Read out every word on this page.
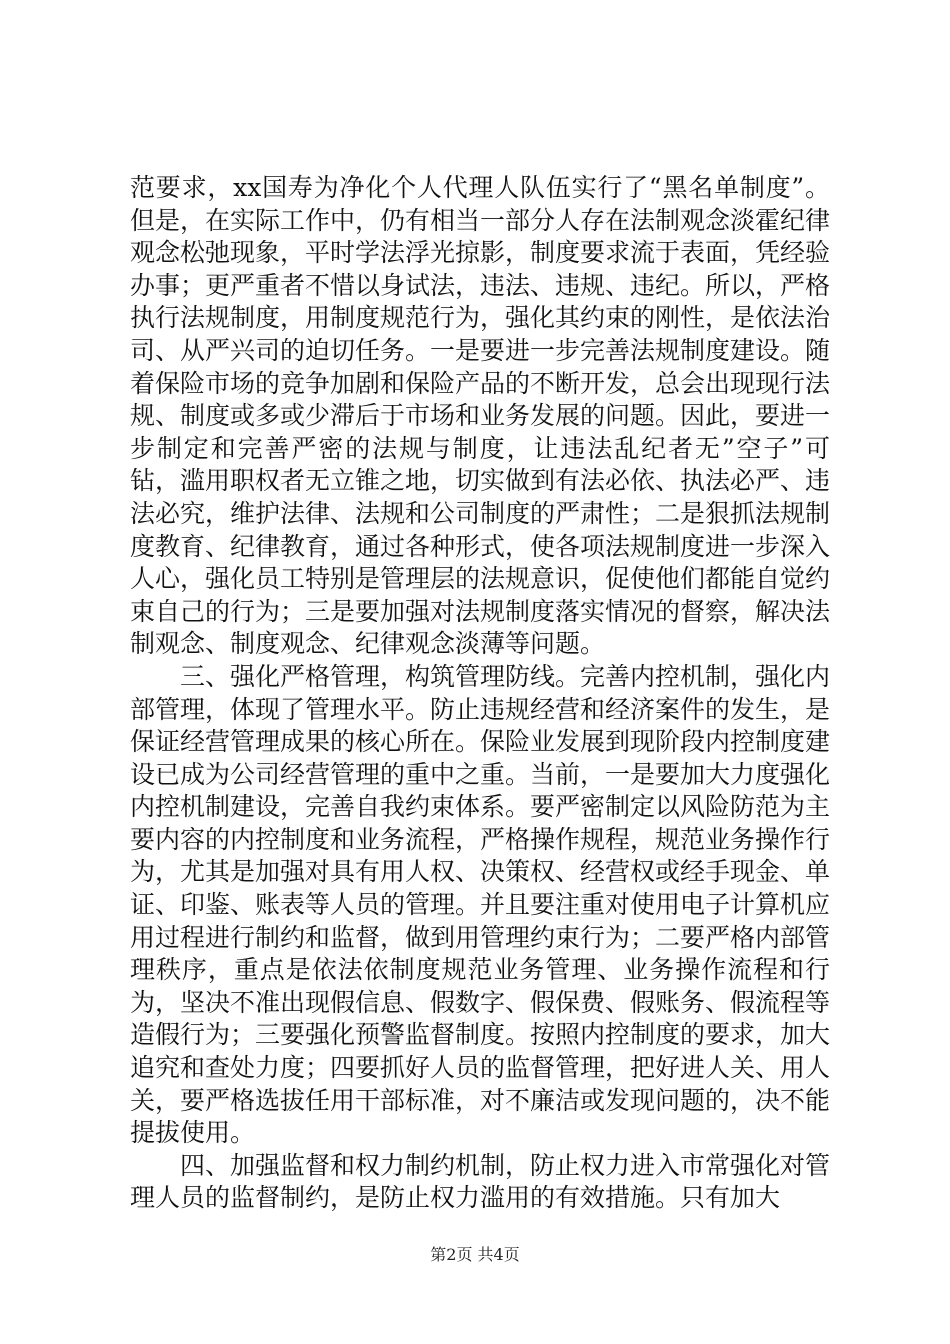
范要求，xx国寿为净化个人代理人队伍实行了“黑名单制度”。但是，在实际工作中，仍有相当一部分人存在法制观念淡霍纪律观念松弛现象，平时学法浮光掠影，制度要求流于表面，凭经验办事；更严重者不惜以身试法，违法、违规、违纪。所以，严格执行法规制度，用制度规范行为，强化其约束的刚性，是依法治司、从严兴司的迫切任务。一是要进一步完善法规制度建设。随着保险市场的竞争加剧和保险产品的不断开发，总会出现现行法规、制度或多或少滞后于市场和业务发展的问题。因此，要进一步制定和完善严密的法规与制度，让违法乱纪者无”空子”可钻，滥用职权者无立锥之地，切实做到有法必依、执法必严、违法必究，维护法律、法规和公司制度的严肃性；二是狠抓法规制度教育、纪律教育，通过各种形式，使各项法规制度进一步深入人心，强化员工特别是管理层的法规意识，促使他们都能自觉约束自己的行为；三是要加强对法规制度落实情况的督察，解决法制观念、制度观念、纪律观念淡薄等问题。

三、强化严格管理，构筑管理防线。完善内控机制，强化内部管理，体现了管理水平。防止违规经营和经济案件的发生，是保证经营管理成果的核心所在。保险业发展到现阶段内控制度建设已成为公司经营管理的重中之重。当前，一是要加大力度强化内控机制建设，完善自我约束体系。要严密制定以风险防范为主要内容的内控制度和业务流程，严格操作规程，规范业务操作行为，尤其是加强对具有用人权、决策权、经营权或经手现金、单证、印鉴、账表等人员的管理。并且要注重对使用电子计算机应用过程进行制约和监督，做到用管理约束行为；二要严格内部管理秩序，重点是依法依制度规范业务管理、业务操作流程和行为，坚决不准出现假信息、假数字、假保费、假账务、假流程等造假行为；三要强化预警监督制度。按照内控制度的要求，加大追究和查处力度；四要抓好人员的监督管理，把好进人关、用人关，要严格选拔任用干部标准，对不廉洁或发现问题的，决不能提拔使用。

四、加强监督和权力制约机制，防止权力进入市常强化对管理人员的监督制约，是防止权力滥用的有效措施。只有加大

第2页 共4页
